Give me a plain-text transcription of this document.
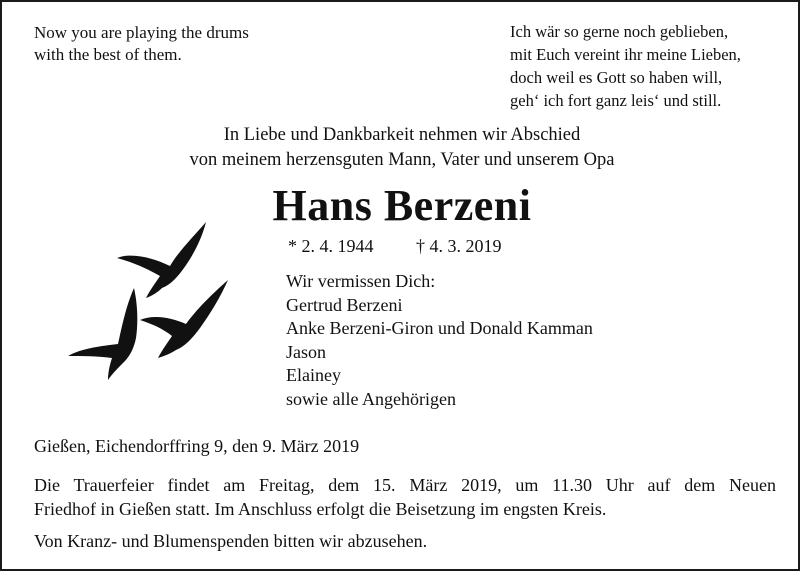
Now you are playing the drums
with the best of them.
Ich wär so gerne noch geblieben,
mit Euch vereint ihr meine Lieben,
doch weil es Gott so haben will,
geh‘ ich fort ganz leis‘ und still.
In Liebe und Dankbarkeit nehmen wir Abschied
von meinem herzensguten Mann, Vater und unserem Opa
Hans Berzeni
* 2. 4. 1944 † 4. 3. 2019
Wir vermissen Dich:
Gertrud Berzeni
Anke Berzeni-Giron und Donald Kamman
Jason
Elainey
sowie alle Angehörigen
Gießen, Eichendorffring 9, den 9. März 2019
Die Trauerfeier findet am Freitag, dem 15. März 2019, um 11.30 Uhr auf dem Neuen
Friedhof in Gießen statt. Im Anschluss erfolgt die Beisetzung im engsten Kreis.
Von Kranz- und Blumenspenden bitten wir abzusehen.
